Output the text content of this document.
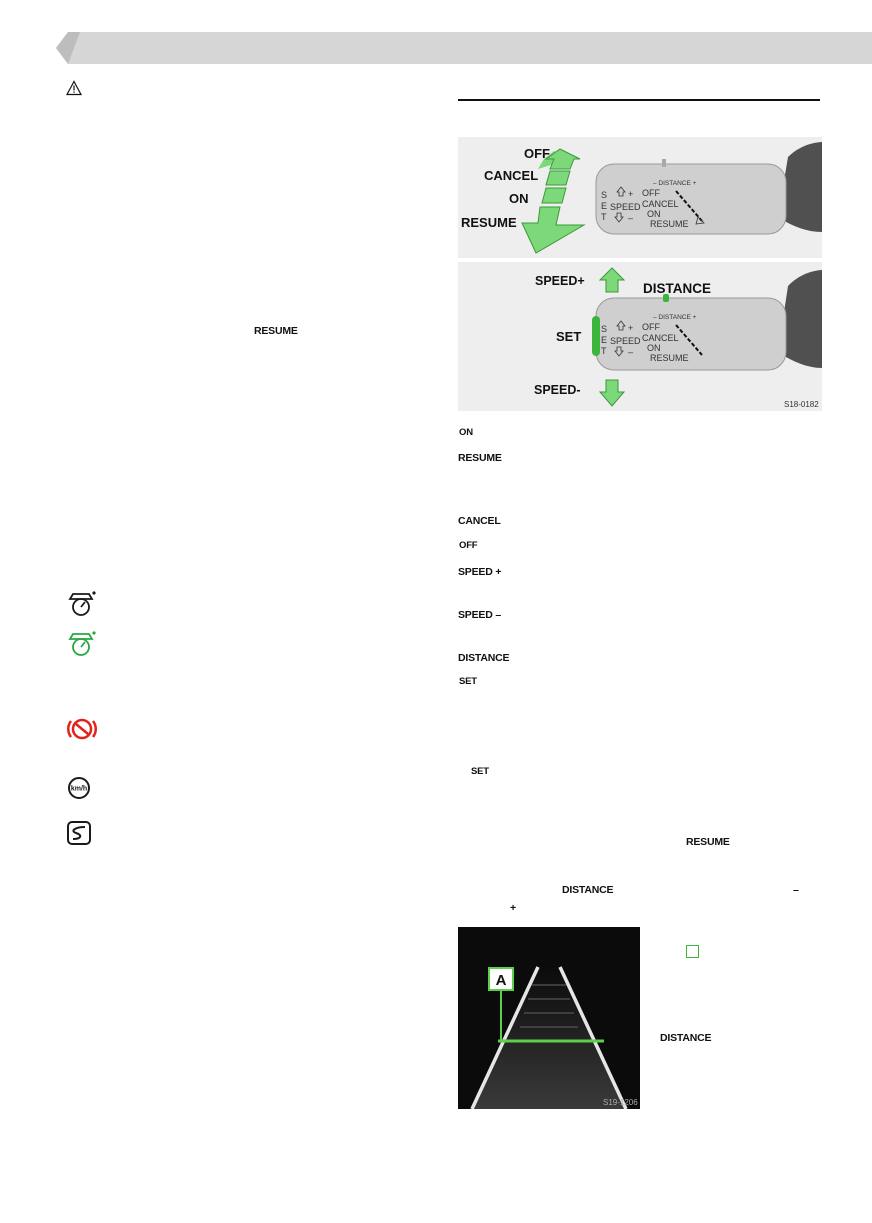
RESUME
km/h
– DISTANCE +
S
E
T
+
SPEED
–
OFF
CANCEL
ON
RESUME
OFF
CANCEL
ON
RESUME
– DISTANCE +
S
E
T
+
SPEED
–
OFF
CANCEL
ON
RESUME
SPEED+	DISTANCE
SET
SPEED-
S18-0182
ON
RESUME
CANCEL
OFF
SPEED +
SPEED –
DISTANCE
SET
SET
RESUME
DISTANCE	–
+
A
S19-1206
DISTANCE
